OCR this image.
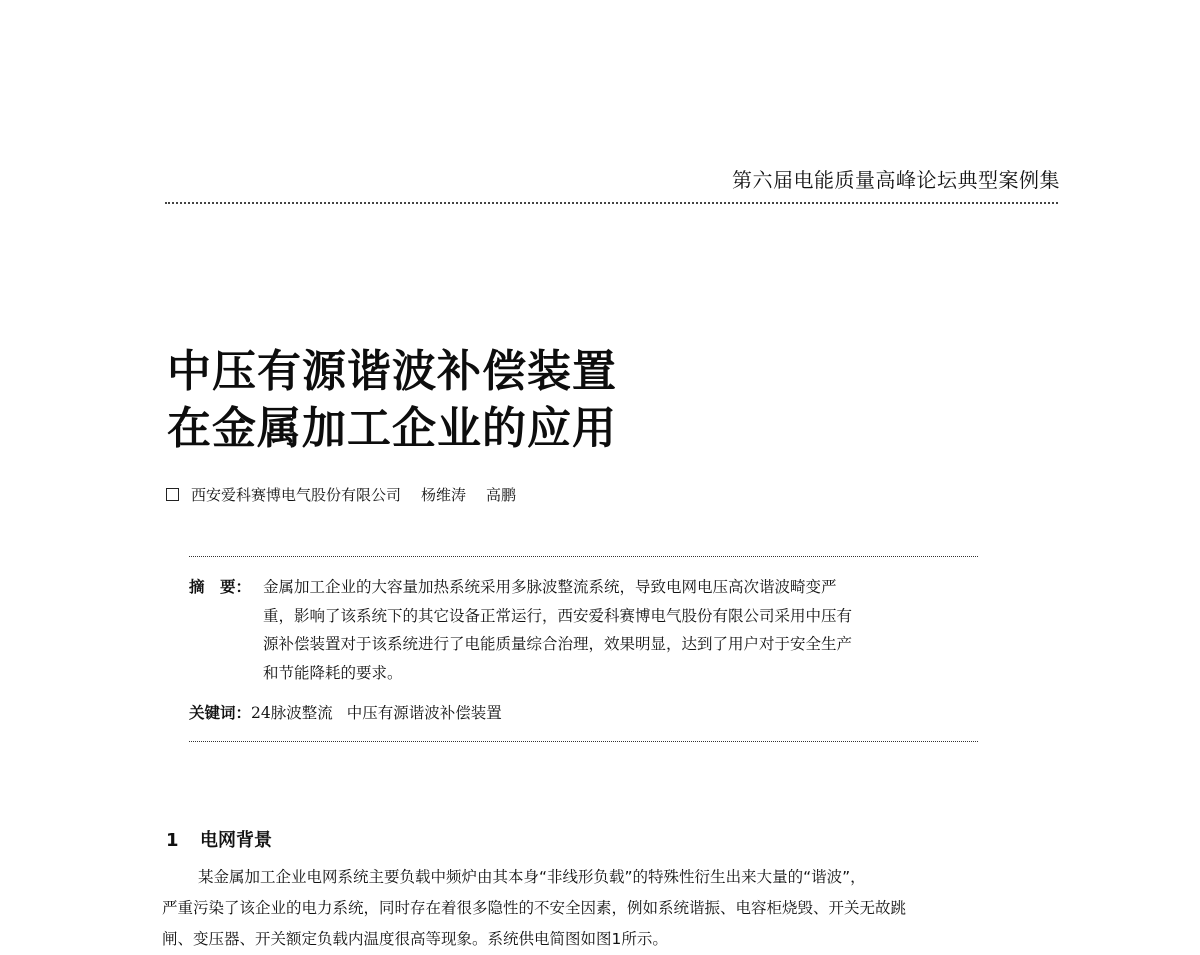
第六届电能质量高峰论坛典型案例集
中压有源谐波补偿装置
在金属加工企业的应用
西安爱科赛博电气股份有限公司 杨维涛 高鹏
摘　要： 金属加工企业的大容量加热系统采用多脉波整流系统，导致电网电压高次谐波畸变严
重，影响了该系统下的其它设备正常运行，西安爱科赛博电气股份有限公司采用中压有
源补偿装置对于该系统进行了电能质量综合治理，效果明显，达到了用户对于安全生产
和节能降耗的要求。
关键词：24脉波整流 中压有源谐波补偿装置
1 电网背景
某金属加工企业电网系统主要负载中频炉由其本身“非线形负载”的特殊性衍生出来大量的“谐波”，
严重污染了该企业的电力系统，同时存在着很多隐性的不安全因素，例如系统谐振、电容柜烧毁、开关无故跳
闸、变压器、开关额定负载内温度很高等现象。系统供电简图如图1所示。
